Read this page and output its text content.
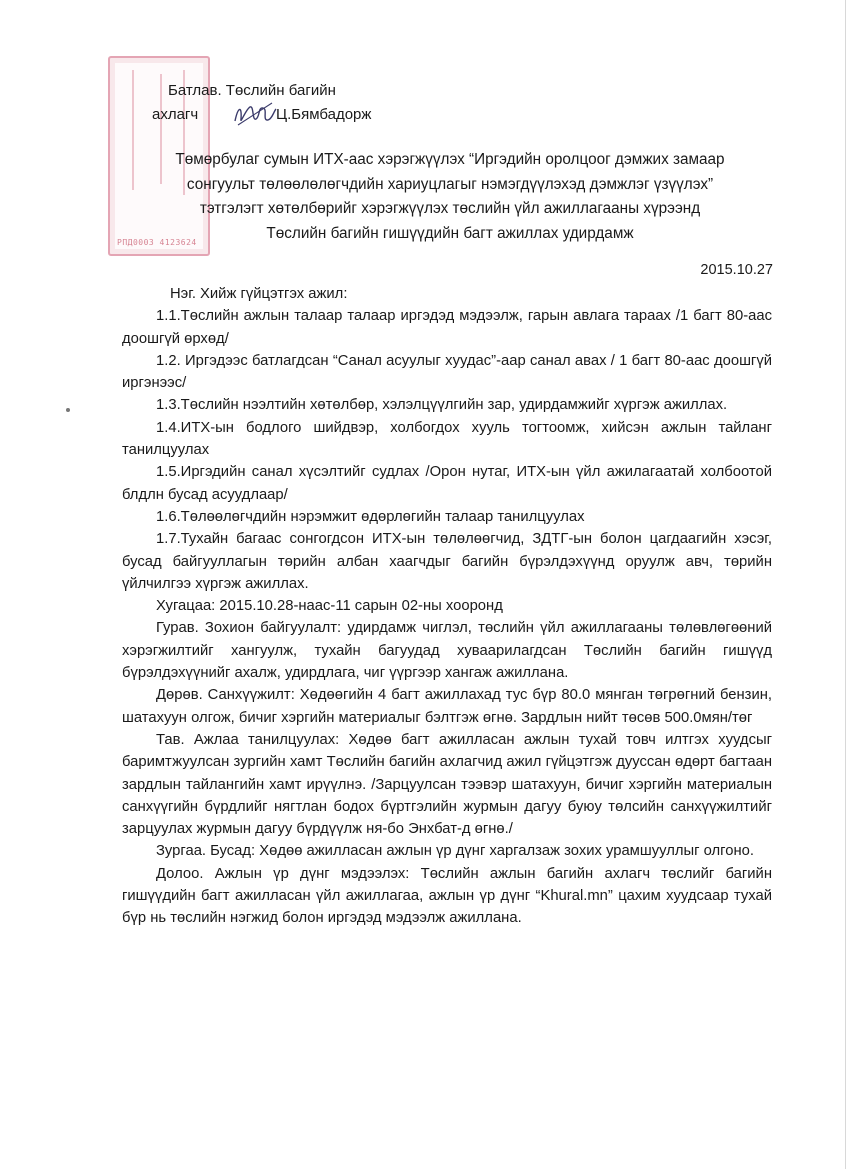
РПД0003 4123624
Батлав. Төслийн багийн
ахлагч	Ц.Бямбадорж
Төмөрбулаг сумын ИТХ-аас хэрэгжүүлэх “Иргэдийн оролцоог дэмжих замаар
сонгуульт төлөөлөлөгчдийн хариуцлагыг нэмэгдүүлэхэд дэмжлэг үзүүлэх”
тэтгэлэгт хөтөлбөрийг хэрэгжүүлэх төслийн үйл ажиллагааны хүрээнд
Төслийн багийн гишүүдийн багт ажиллах удирдамж
2015.10.27

Нэг. Хийж гүйцэтгэх ажил:

1.1.Төслийн ажлын талаар талаар иргэдэд мэдээлж, гарын авлага тараах /1 багт 80-аас доошгүй өрхөд/

1.2. Иргэдээс батлагдсан “Санал асуулыг хуудас”-аар санал авах / 1 багт 80-аас доошгүй иргэнээс/

1.3.Төслийн нээлтийн хөтөлбөр, хэлэлцүүлгийн зар, удирдамжийг хүргэж ажиллах.

1.4.ИТХ-ын бодлого шийдвэр, холбогдох хууль тогтоомж, хийсэн ажлын тайланг танилцуулах

1.5.Иргэдийн санал хүсэлтийг судлах /Орон нутаг, ИТХ-ын үйл ажилагаатай холбоотой блдлн бусад асуудлаар/

1.6.Төлөөлөгчдийн нэрэмжит өдөрлөгийн талаар танилцуулах

1.7.Тухайн багаас сонгогдсон ИТХ-ын төлөлөөгчид, ЗДТГ-ын болон цагдаагийн хэсэг, бусад байгууллагын төрийн албан хаагчдыг багийн бүрэлдэхүүнд оруулж авч, төрийн үйлчилгээ хүргэж ажиллах.

Хугацаа: 2015.10.28-наас-11 сарын 02-ны хооронд

Гурав. Зохион байгуулалт: удирдамж чиглэл, төслийн үйл ажиллагааны төлөвлөгөөний хэрэгжилтийг хангуулж, тухайн багуудад хуваарилагдсан Төслийн багийн гишүүд бүрэлдэхүүнийг ахалж, удирдлага, чиг үүргээр хангаж ажиллана.

Дөрөв. Санхүүжилт: Хөдөөгийн 4 багт ажиллахад тус бүр 80.0 мянган төгрөгний бензин, шатахуун олгож, бичиг хэргийн материалыг бэлтгэж өгнө. Зардлын нийт төсөв 500.0мян/төг

Тав. Ажлаа танилцуулах: Хөдөө багт ажилласан ажлын тухай товч илтгэх хуудсыг баримтжуулсан зургийн хамт Төслийн багийн ахлагчид ажил гүйцэтгэж дууссан өдөрт багтаан зардлын тайлангийн хамт ирүүлнэ. /Зарцуулсан тээвэр шатахуун, бичиг хэргийн материалын санхүүгийн бүрдлийг нягтлан бодох бүртгэлийн журмын дагуу буюу төлсийн санхүүжилтийг зарцуулах журмын дагуу бүрдүүлж ня-бо Энхбат-д өгнө./

Зургаа. Бусад: Хөдөө ажилласан ажлын үр дүнг харгалзаж зохих урамшууллыг олгоно.

Долоо. Ажлын үр дүнг мэдээлэх: Төслийн ажлын багийн ахлагч төслийг багийн гишүүдийн багт ажилласан үйл ажиллагаа, ажлын үр дүнг “Khural.mn” цахим хуудсаар тухай бүр нь төслийн нэгжид болон иргэдэд мэдээлж ажиллана.
